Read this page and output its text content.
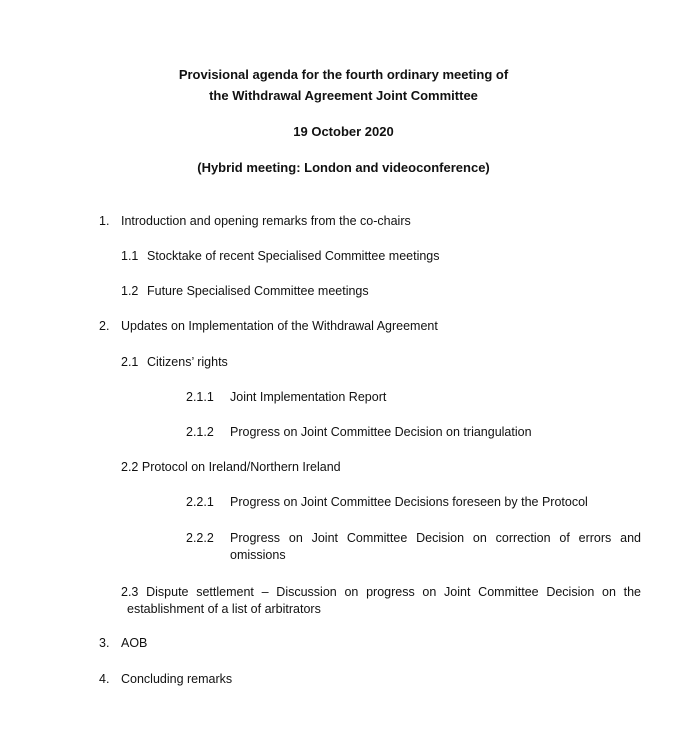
Provisional agenda for the fourth ordinary meeting of
the Withdrawal Agreement Joint Committee
19 October 2020
(Hybrid meeting: London and videoconference)
1. Introduction and opening remarks from the co-chairs
1.1 Stocktake of recent Specialised Committee meetings
1.2 Future Specialised Committee meetings
2. Updates on Implementation of the Withdrawal Agreement
2.1 Citizens’ rights
2.1.1 Joint Implementation Report
2.1.2 Progress on Joint Committee Decision on triangulation
2.2 Protocol on Ireland/Northern Ireland
2.2.1 Progress on Joint Committee Decisions foreseen by the Protocol
2.2.2 Progress on Joint Committee Decision on correction of errors and omissions
2.3 Dispute settlement – Discussion on progress on Joint Committee Decision on the establishment of a list of arbitrators
3. AOB
4. Concluding remarks
